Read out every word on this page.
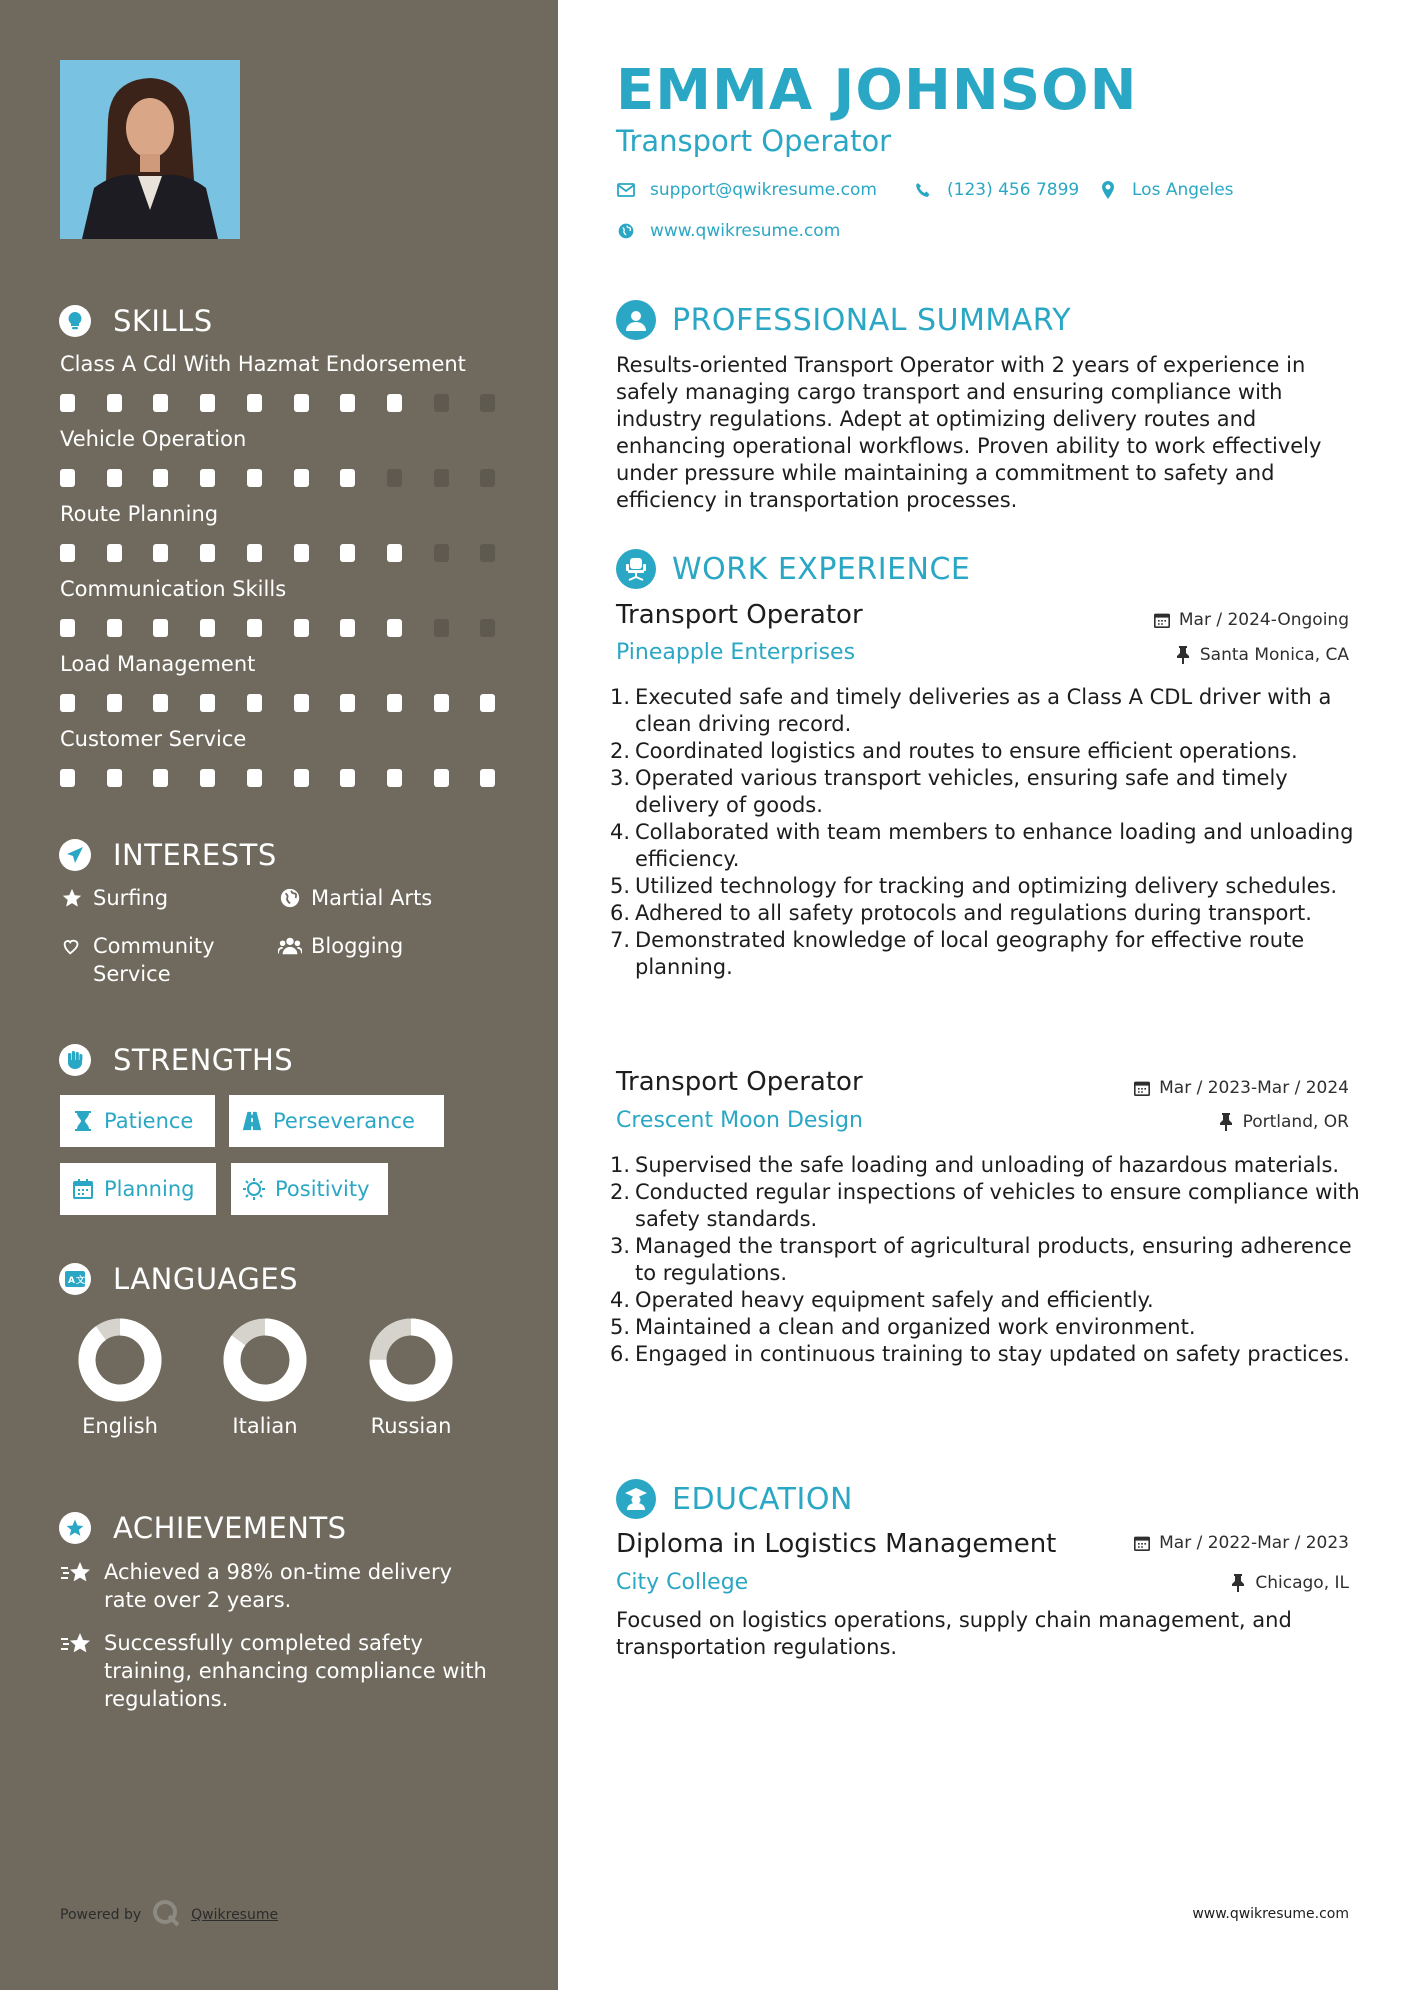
SKILLS
Class A Cdl With Hazmat Endorsement
Vehicle Operation
Route Planning
Communication Skills
Load Management
Customer Service
INTERESTS
Surfing	Martial Arts
Community Service
Blogging
STRENGTHS
Patience	Perseverance
Planning	Positivity
A 文 LANGUAGES
English	Italian	Russian
ACHIEVEMENTS
Achieved a 98% on-time delivery rate over 2 years.
Successfully completed safety training, enhancing compliance with regulations.
Powered by	Qwikresume
EMMA JOHNSON
Transport Operator
support@qwikresume.com	(123) 456 7899	Los Angeles
www.qwikresume.com
PROFESSIONAL SUMMARY
Results-oriented Transport Operator with 2 years of experience in safely managing cargo transport and ensuring compliance with industry regulations. Adept at optimizing delivery routes and enhancing operational workflows. Proven ability to work effectively under pressure while maintaining a commitment to safety and efficiency in transportation processes.
WORK EXPERIENCE
Transport Operator
Pineapple Enterprises
Mar / 2024-Ongoing
Santa Monica, CA
Executed safe and timely deliveries as a Class A CDL driver with a clean driving record.
Coordinated logistics and routes to ensure efficient operations.
Operated various transport vehicles, ensuring safe and timely delivery of goods.
Collaborated with team members to enhance loading and unloading efficiency.
Utilized technology for tracking and optimizing delivery schedules.
Adhered to all safety protocols and regulations during transport.
Demonstrated knowledge of local geography for effective route planning.
Transport Operator
Crescent Moon Design
Mar / 2023-Mar / 2024
Portland, OR
Supervised the safe loading and unloading of hazardous materials.
Conducted regular inspections of vehicles to ensure compliance with safety standards.
Managed the transport of agricultural products, ensuring adherence to regulations.
Operated heavy equipment safely and efficiently.
Maintained a clean and organized work environment.
Engaged in continuous training to stay updated on safety practices.
EDUCATION
Diploma in Logistics Management
City College
Mar / 2022-Mar / 2023
Chicago, IL
Focused on logistics operations, supply chain management, and transportation regulations.
www.qwikresume.com
